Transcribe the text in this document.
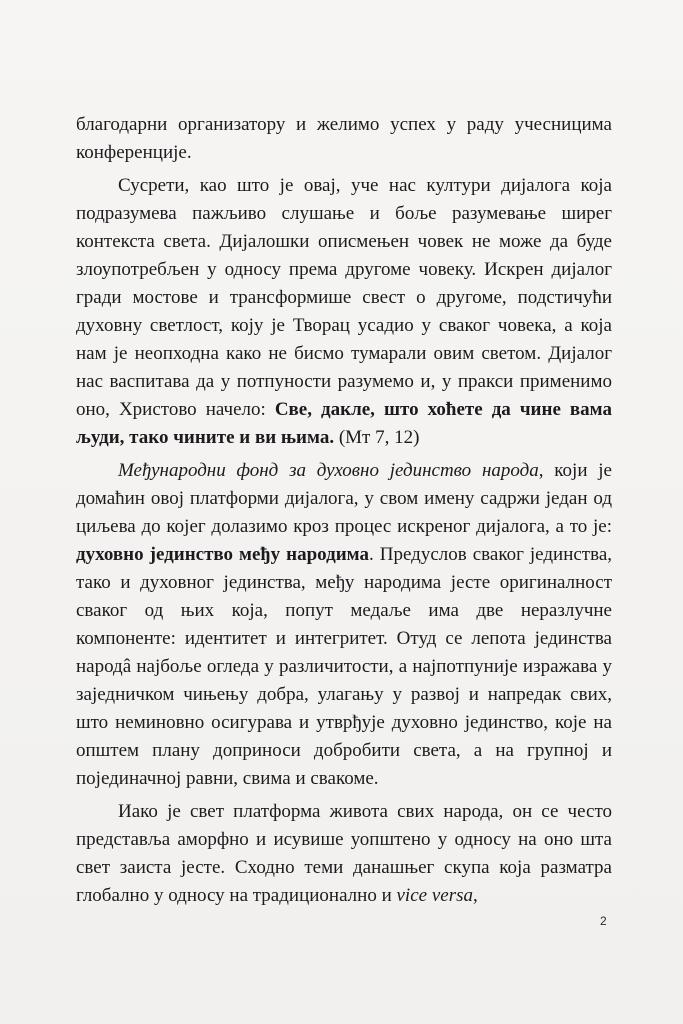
благодарни организатору и желимо успех у раду учесницима конференције.

Сусрети, као што је овај, уче нас култури дијалога која подразумева пажљиво слушање и боље разумевање ширег контекста света. Дијалошки описмењен човек не може да буде злоупотребљен у односу према другоме човеку. Искрен дијалог гради мостове и трансформише свест о другоме, подстичући духовну светлост, коју је Творац усадио у сваког човека, а која нам је неопходна како не бисмо тумарали овим светом. Дијалог нас васпитава да у потпуности разумемо и, у пракси применимо оно, Христово начело: Све, дакле, што хоћете да чине вама људи, тако чините и ви њима. (Мт 7, 12)

Међународни фонд за духовно јединство народа, који је домаћин овој платформи дијалога, у свом имену садржи један од циљева до којег долазимо кроз процес искреног дијалога, а то је: духовно јединство међу народима. Предуслов сваког јединства, тако и духовног јединства, међу народима јесте оригиналност сваког од њих која, попут медаље има две неразлучне компоненте: идентитет и интегритет. Отуд се лепота јединства народâ најбоље огледа у различитости, а најпотпуније изражава у заједничком чињењу добра, улагању у развој и напредак свих, што неминовно осигурава и утврђује духовно јединство, које на општем плану доприноси добробити света, а на групној и појединачној равни, свима и свакоме.

Иако је свет платформа живота свих народа, он се често представља аморфно и исувише уопштено у односу на оно шта свет заиста јесте. Сходно теми данашњег скупа која разматра глобално у односу на традиционално и vice versa,

2
